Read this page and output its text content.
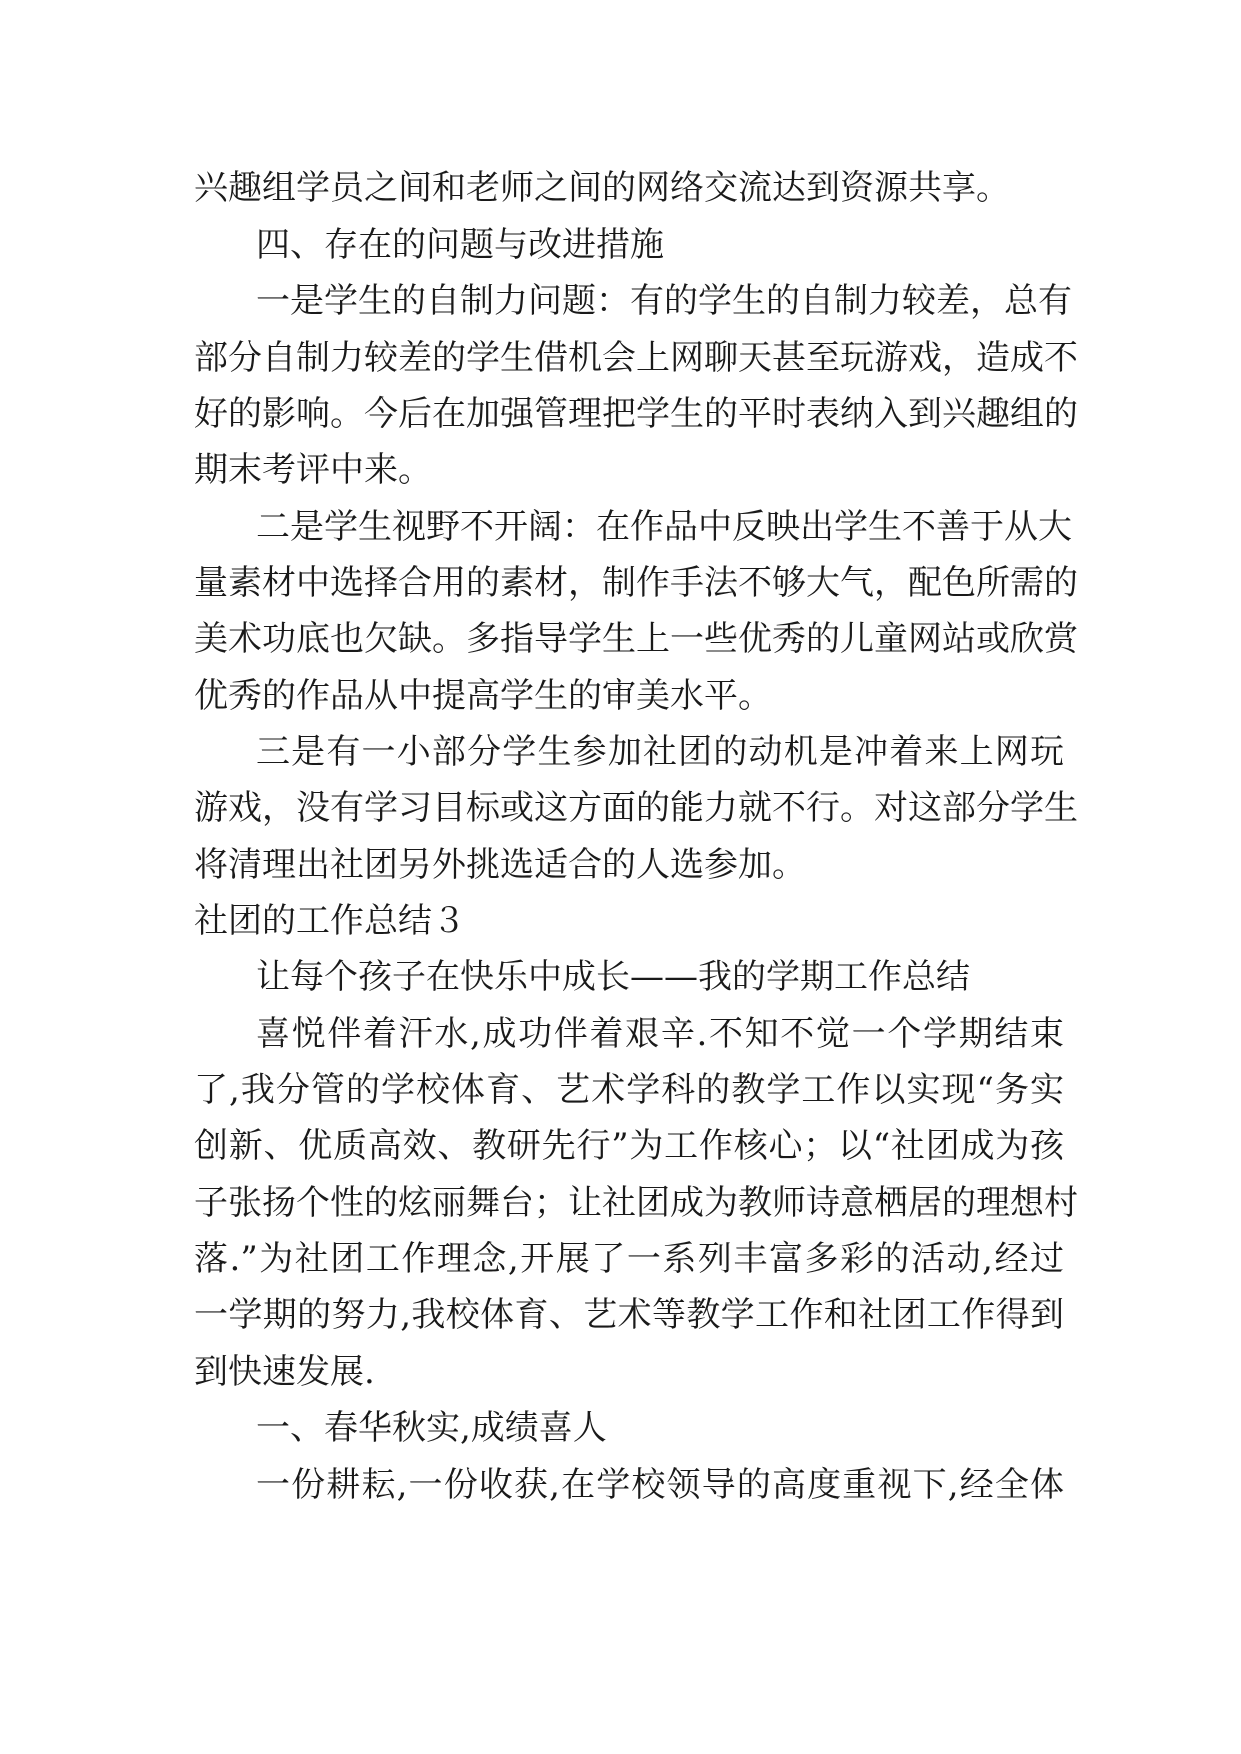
兴趣组学员之间和老师之间的网络交流达到资源共享。
四、存在的问题与改进措施
一是学生的自制力问题：有的学生的自制力较差，总有
部分自制力较差的学生借机会上网聊天甚至玩游戏，造成不
好的影响。今后在加强管理把学生的平时表纳入到兴趣组的
期末考评中来。
二是学生视野不开阔：在作品中反映出学生不善于从大
量素材中选择合用的素材，制作手法不够大气，配色所需的
美术功底也欠缺。多指导学生上一些优秀的儿童网站或欣赏
优秀的作品从中提高学生的审美水平。
三是有一小部分学生参加社团的动机是冲着来上网玩
游戏，没有学习目标或这方面的能力就不行。对这部分学生
将清理出社团另外挑选适合的人选参加。
社团的工作总结３
让每个孩子在快乐中成长——我的学期工作总结
喜悦伴着汗水,成功伴着艰辛.不知不觉一个学期结束
了,我分管的学校体育、艺术学科的教学工作以实现“务实
创新、优质高效、教研先行”为工作核心；以“社团成为孩
子张扬个性的炫丽舞台；让社团成为教师诗意栖居的理想村
落.”为社团工作理念,开展了一系列丰富多彩的活动,经过
一学期的努力,我校体育、艺术等教学工作和社团工作得到
到快速发展.
一、春华秋实,成绩喜人
一份耕耘,一份收获,在学校领导的高度重视下,经全体
